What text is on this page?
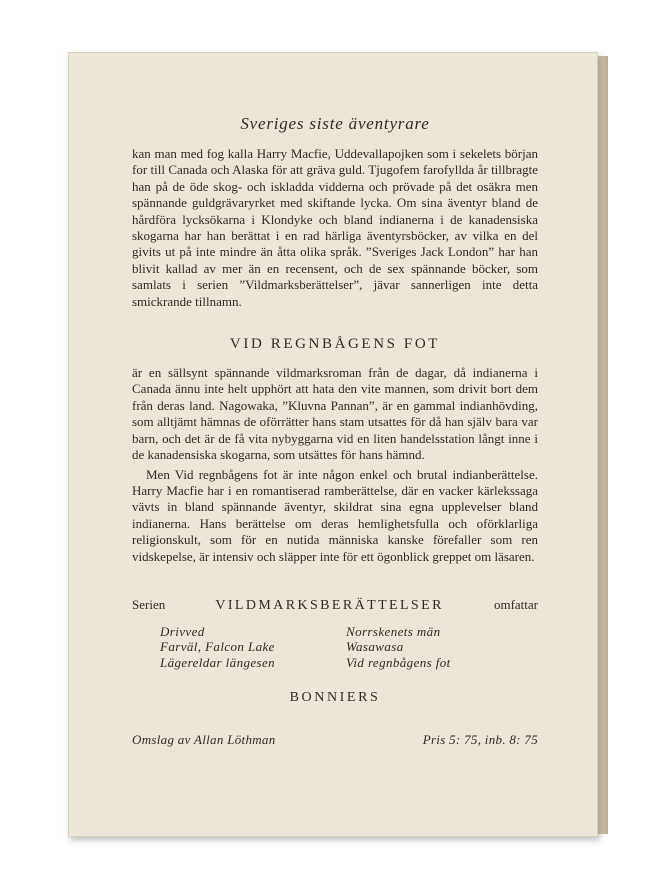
Sveriges siste äventyrare

kan man med fog kalla Harry Macfie, Uddevallapojken som i sekelets början for till Canada och Alaska för att gräva guld. Tjugofem farofyllda år tillbragte han på de öde skog- och iskladda vidderna och prövade på det osäkra men spännande guldgrävaryrket med skiftande lycka. Om sina äventyr bland de hårdföra lycksökarna i Klondyke och bland indianerna i de kanadensiska skogarna har han berättat i en rad härliga äventyrsböcker, av vilka en del givits ut på inte mindre än åtta olika språk. ”Sveriges Jack London” har han blivit kallad av mer än en recensent, och de sex spännande böcker, som samlats i serien ”Vildmarksberättelser”, jävar sannerligen inte detta smickrande tillnamn.

VID REGNBÅGENS FOT

är en sällsynt spännande vildmarksroman från de dagar, då indianerna i Canada ännu inte helt upphört att hata den vite mannen, som drivit bort dem från deras land. Nagowaka, ”Kluvna Pannan”, är en gammal indianhövding, som alltjämt hämnas de oförrätter hans stam utsattes för då han själv bara var barn, och det är de få vita nybyggarna vid en liten handelsstation långt inne i de kanadensiska skogarna, som utsättes för hans hämnd.

Men Vid regnbågens fot är inte någon enkel och brutal indianberättelse. Harry Macfie har i en romantiserad ramberättelse, där en vacker kärlekssaga vävts in bland spännande äventyr, skildrat sina egna upplevelser bland indianerna. Hans berättelse om deras hemlighetsfulla och oförklarliga religionskult, som för en nutida människa kanske förefaller som ren vidskepelse, är intensiv och släpper inte för ett ögonblick greppet om läsaren.

Serien	VILDMARKSBERÄTTELSER	omfattar
Drivved	Norrskenets män
Farväl, Falcon Lake	Wasawasa
Lägereldar längesen	Vid regnbågens fot
BONNIERS
Omslag av Allan Löthman	Pris 5: 75, inb. 8: 75
